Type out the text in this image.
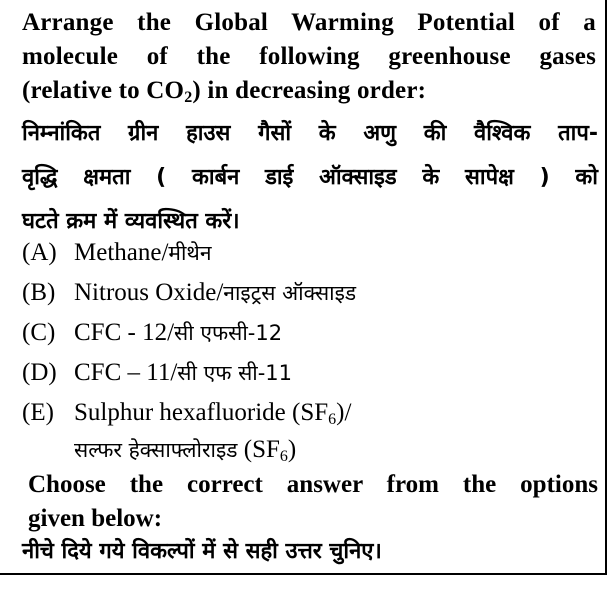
Arrange the Global Warming Potential of a
molecule of the following greenhouse gases
(relative to $CO_2$) in decreasing order:
निम्नांकित ग्रीन हाउस गैसों के अणु की वैश्विक ताप-
वृद्धि क्षमता ( कार्बन डाई ऑक्साइड के सापेक्ष ) को
घटते क्रम में व्यवस्थित करें।
(A) Methane/ मीथेन
(B) Nitrous Oxide/ नाइट्रस ऑक्साइड
(C) CFC - 12/ सी एफसी-12
(D) CFC – 11/ सी एफ सी-11
(E) Sulphur hexafluoride $(SF_6)/$
सल्फर हेक्साफ्लोराइड $(SF_6)$
Choose the correct answer from the options
given below:
नीचे दिये गये विकल्पों में से सही उत्तर चुनिए।
